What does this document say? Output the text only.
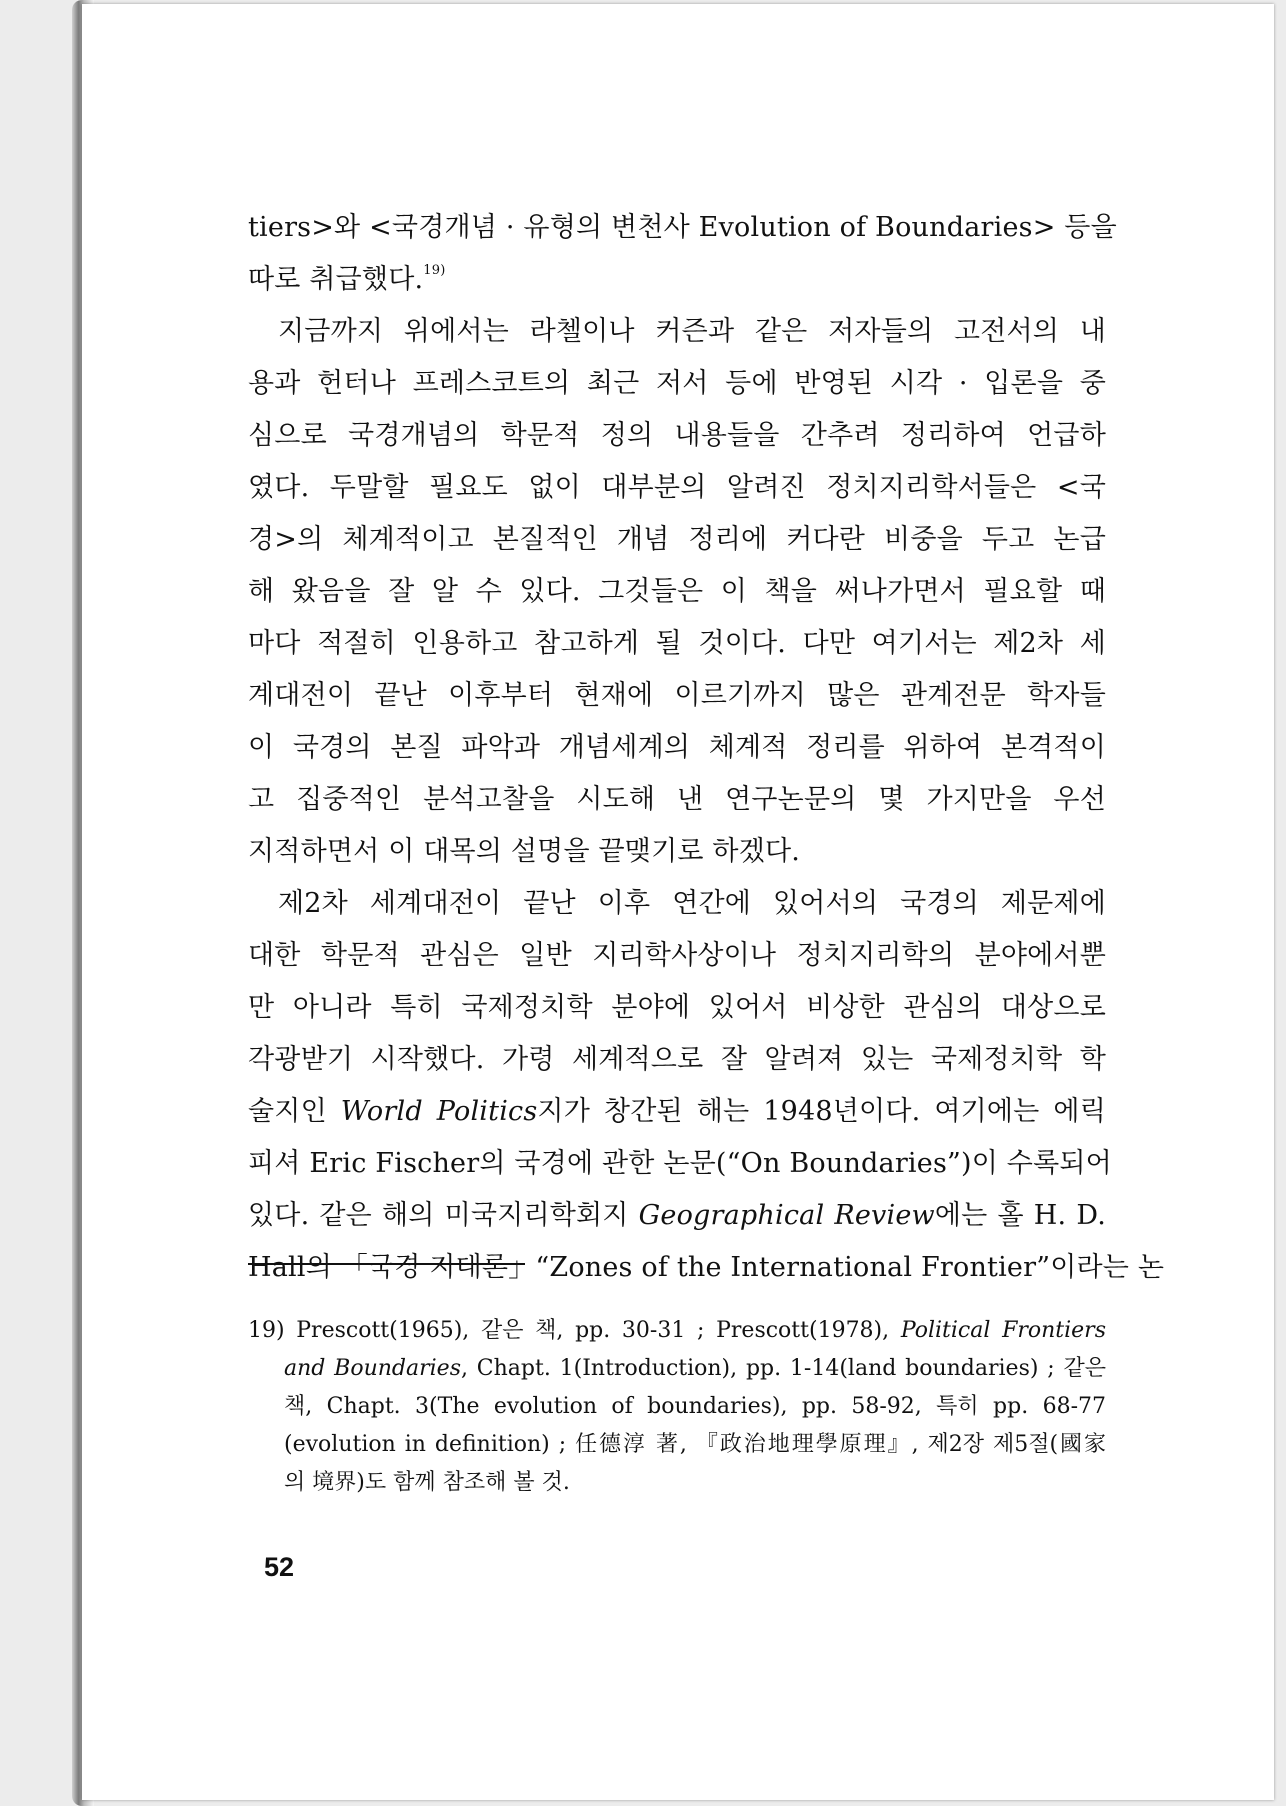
tiers>와 <국경개념 · 유형의 변천사 Evolution of Boundaries> 등을
따로 취급했다.$^{19)}$
지금까지 위에서는 라첼이나 커즌과 같은 저자들의 고전서의 내
용과 헌터나 프레스코트의 최근 저서 등에 반영된 시각 · 입론을 중
심으로 국경개념의 학문적 정의 내용들을 간추려 정리하여 언급하
였다. 두말할 필요도 없이 대부분의 알려진 정치지리학서들은 <국
경>의 체계적이고 본질적인 개념 정리에 커다란 비중을 두고 논급
해 왔음을 잘 알 수 있다. 그것들은 이 책을 써나가면서 필요할 때
마다 적절히 인용하고 참고하게 될 것이다. 다만 여기서는 제2차 세
계대전이 끝난 이후부터 현재에 이르기까지 많은 관계전문 학자들
이 국경의 본질 파악과 개념세계의 체계적 정리를 위하여 본격적이
고 집중적인 분석고찰을 시도해 낸 연구논문의 몇 가지만을 우선
지적하면서 이 대목의 설명을 끝맺기로 하겠다.
제2차 세계대전이 끝난 이후 연간에 있어서의 국경의 제문제에
대한 학문적 관심은 일반 지리학사상이나 정치지리학의 분야에서뿐
만 아니라 특히 국제정치학 분야에 있어서 비상한 관심의 대상으로
각광받기 시작했다. 가령 세계적으로 잘 알려져 있는 국제정치학 학
술지인 World Politics지가 창간된 해는 1948년이다. 여기에는 에릭
피셔 Eric Fischer의 국경에 관한 논문(“On Boundaries”)이 수록되어
있다. 같은 해의 미국지리학회지 Geographical Review에는 홀 H. D.
Hall의 「국경 지대론」“Zones of the International Frontier”이라는 논
19) Prescott(1965), 같은 책, pp. 30-31 ; Prescott(1978), Political Frontiers
and Boundaries, Chapt. 1(Introduction), pp. 1-14(land boundaries) ; 같은
책, Chapt. 3(The evolution of boundaries), pp. 58-92, 특히 pp. 68-77
(evolution in definition) ; 任德淳 著, 『政治地理學原理』, 제2장 제5절(國家
의 境界)도 함께 참조해 볼 것.
52
